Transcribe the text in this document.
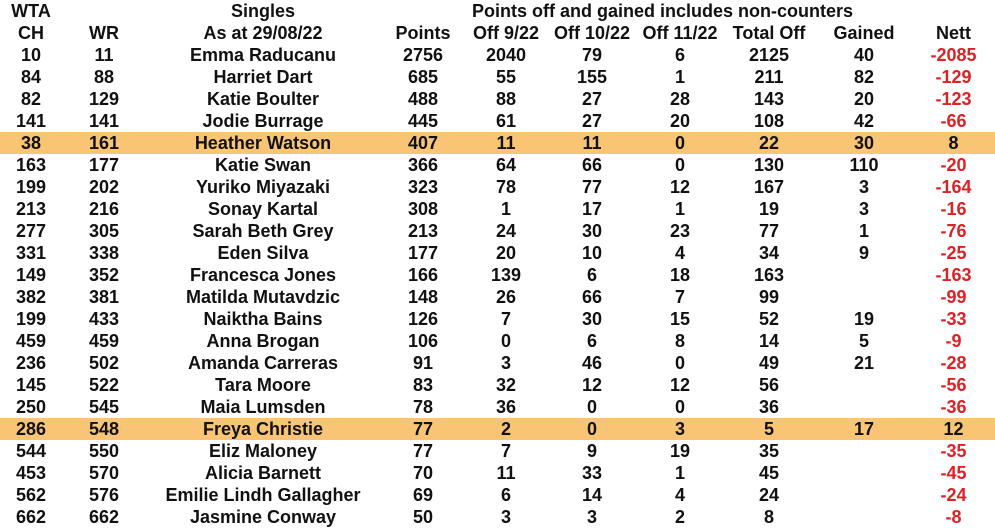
WTA		Singles		Points off and gained includes non-counters					
CH	WR	As at 29/08/22	Points	Off 9/22	Off 10/22	Off 11/22	Total Off	Gained	Nett
10	11	Emma Raducanu	2756	2040	79	6	2125	40	-2085
84	88	Harriet Dart	685	55	155	1	211	82	-129
82	129	Katie Boulter	488	88	27	28	143	20	-123
141	141	Jodie Burrage	445	61	27	20	108	42	-66
38	161	Heather Watson	407	11	11	0	22	30	8
163	177	Katie Swan	366	64	66	0	130	110	-20
199	202	Yuriko Miyazaki	323	78	77	12	167	3	-164
213	216	Sonay Kartal	308	1	17	1	19	3	-16
277	305	Sarah Beth Grey	213	24	30	23	77	1	-76
331	338	Eden Silva	177	20	10	4	34	9	-25
149	352	Francesca Jones	166	139	6	18	163		-163
382	381	Matilda Mutavdzic	148	26	66	7	99		-99
199	433	Naiktha Bains	126	7	30	15	52	19	-33
459	459	Anna Brogan	106	0	6	8	14	5	-9
236	502	Amanda Carreras	91	3	46	0	49	21	-28
145	522	Tara Moore	83	32	12	12	56		-56
250	545	Maia Lumsden	78	36	0	0	36		-36
286	548	Freya Christie	77	2	0	3	5	17	12
544	550	Eliz Maloney	77	7	9	19	35		-35
453	570	Alicia Barnett	70	11	33	1	45		-45
562	576	Emilie Lindh Gallagher	69	6	14	4	24		-24
662	662	Jasmine Conway	50	3	3	2	8		-8
